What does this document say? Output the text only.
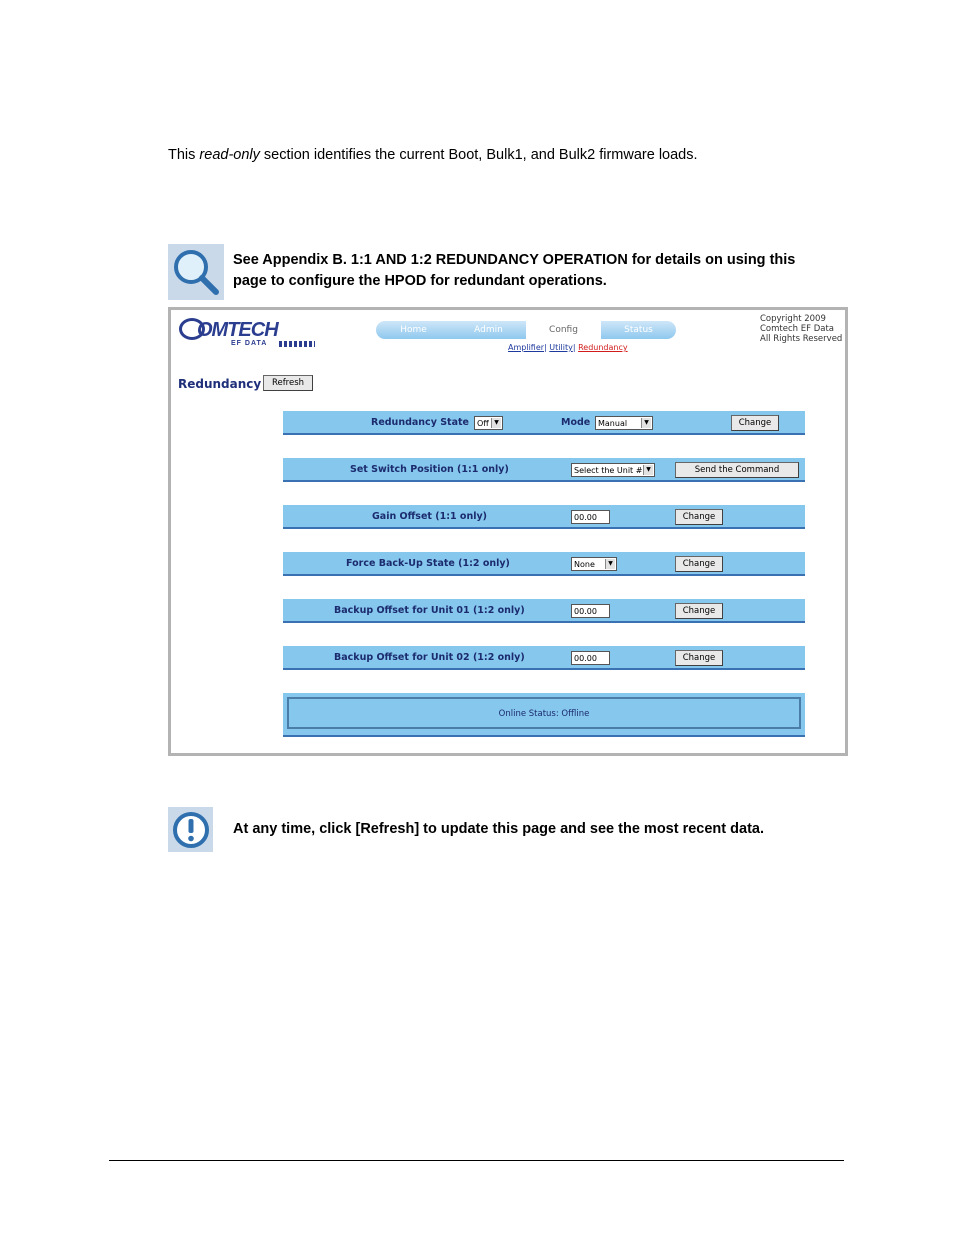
This read-only section identifies the current Boot, Bulk1, and Bulk2 firmware loads.
See Appendix B. 1:1 AND 1:2 REDUNDANCY OPERATION for details on using this page to configure the HPOD for redundant operations.
OMTECH
EF DATA
Home	Admin	Config	Status
Amplifier| Utility| Redundancy
Copyright 2009
Comtech EF Data
All Rights Reserved
Redundancy	Refresh
Redundancy State	Off ▼	Mode Manual	▼	Change
Set Switch Position (1:1 only)	Select the Unit # ▼	Send the Command
Gain Offset (1:1 only)	00.00	Change
Force Back-Up State (1:2 only)	None	▼	Change
Backup Offset for Unit 01 (1:2 only)	00.00	Change
Backup Offset for Unit 02 (1:2 only)	00.00	Change
Online Status: Offline
At any time, click [Refresh] to update this page and see the most recent data.
